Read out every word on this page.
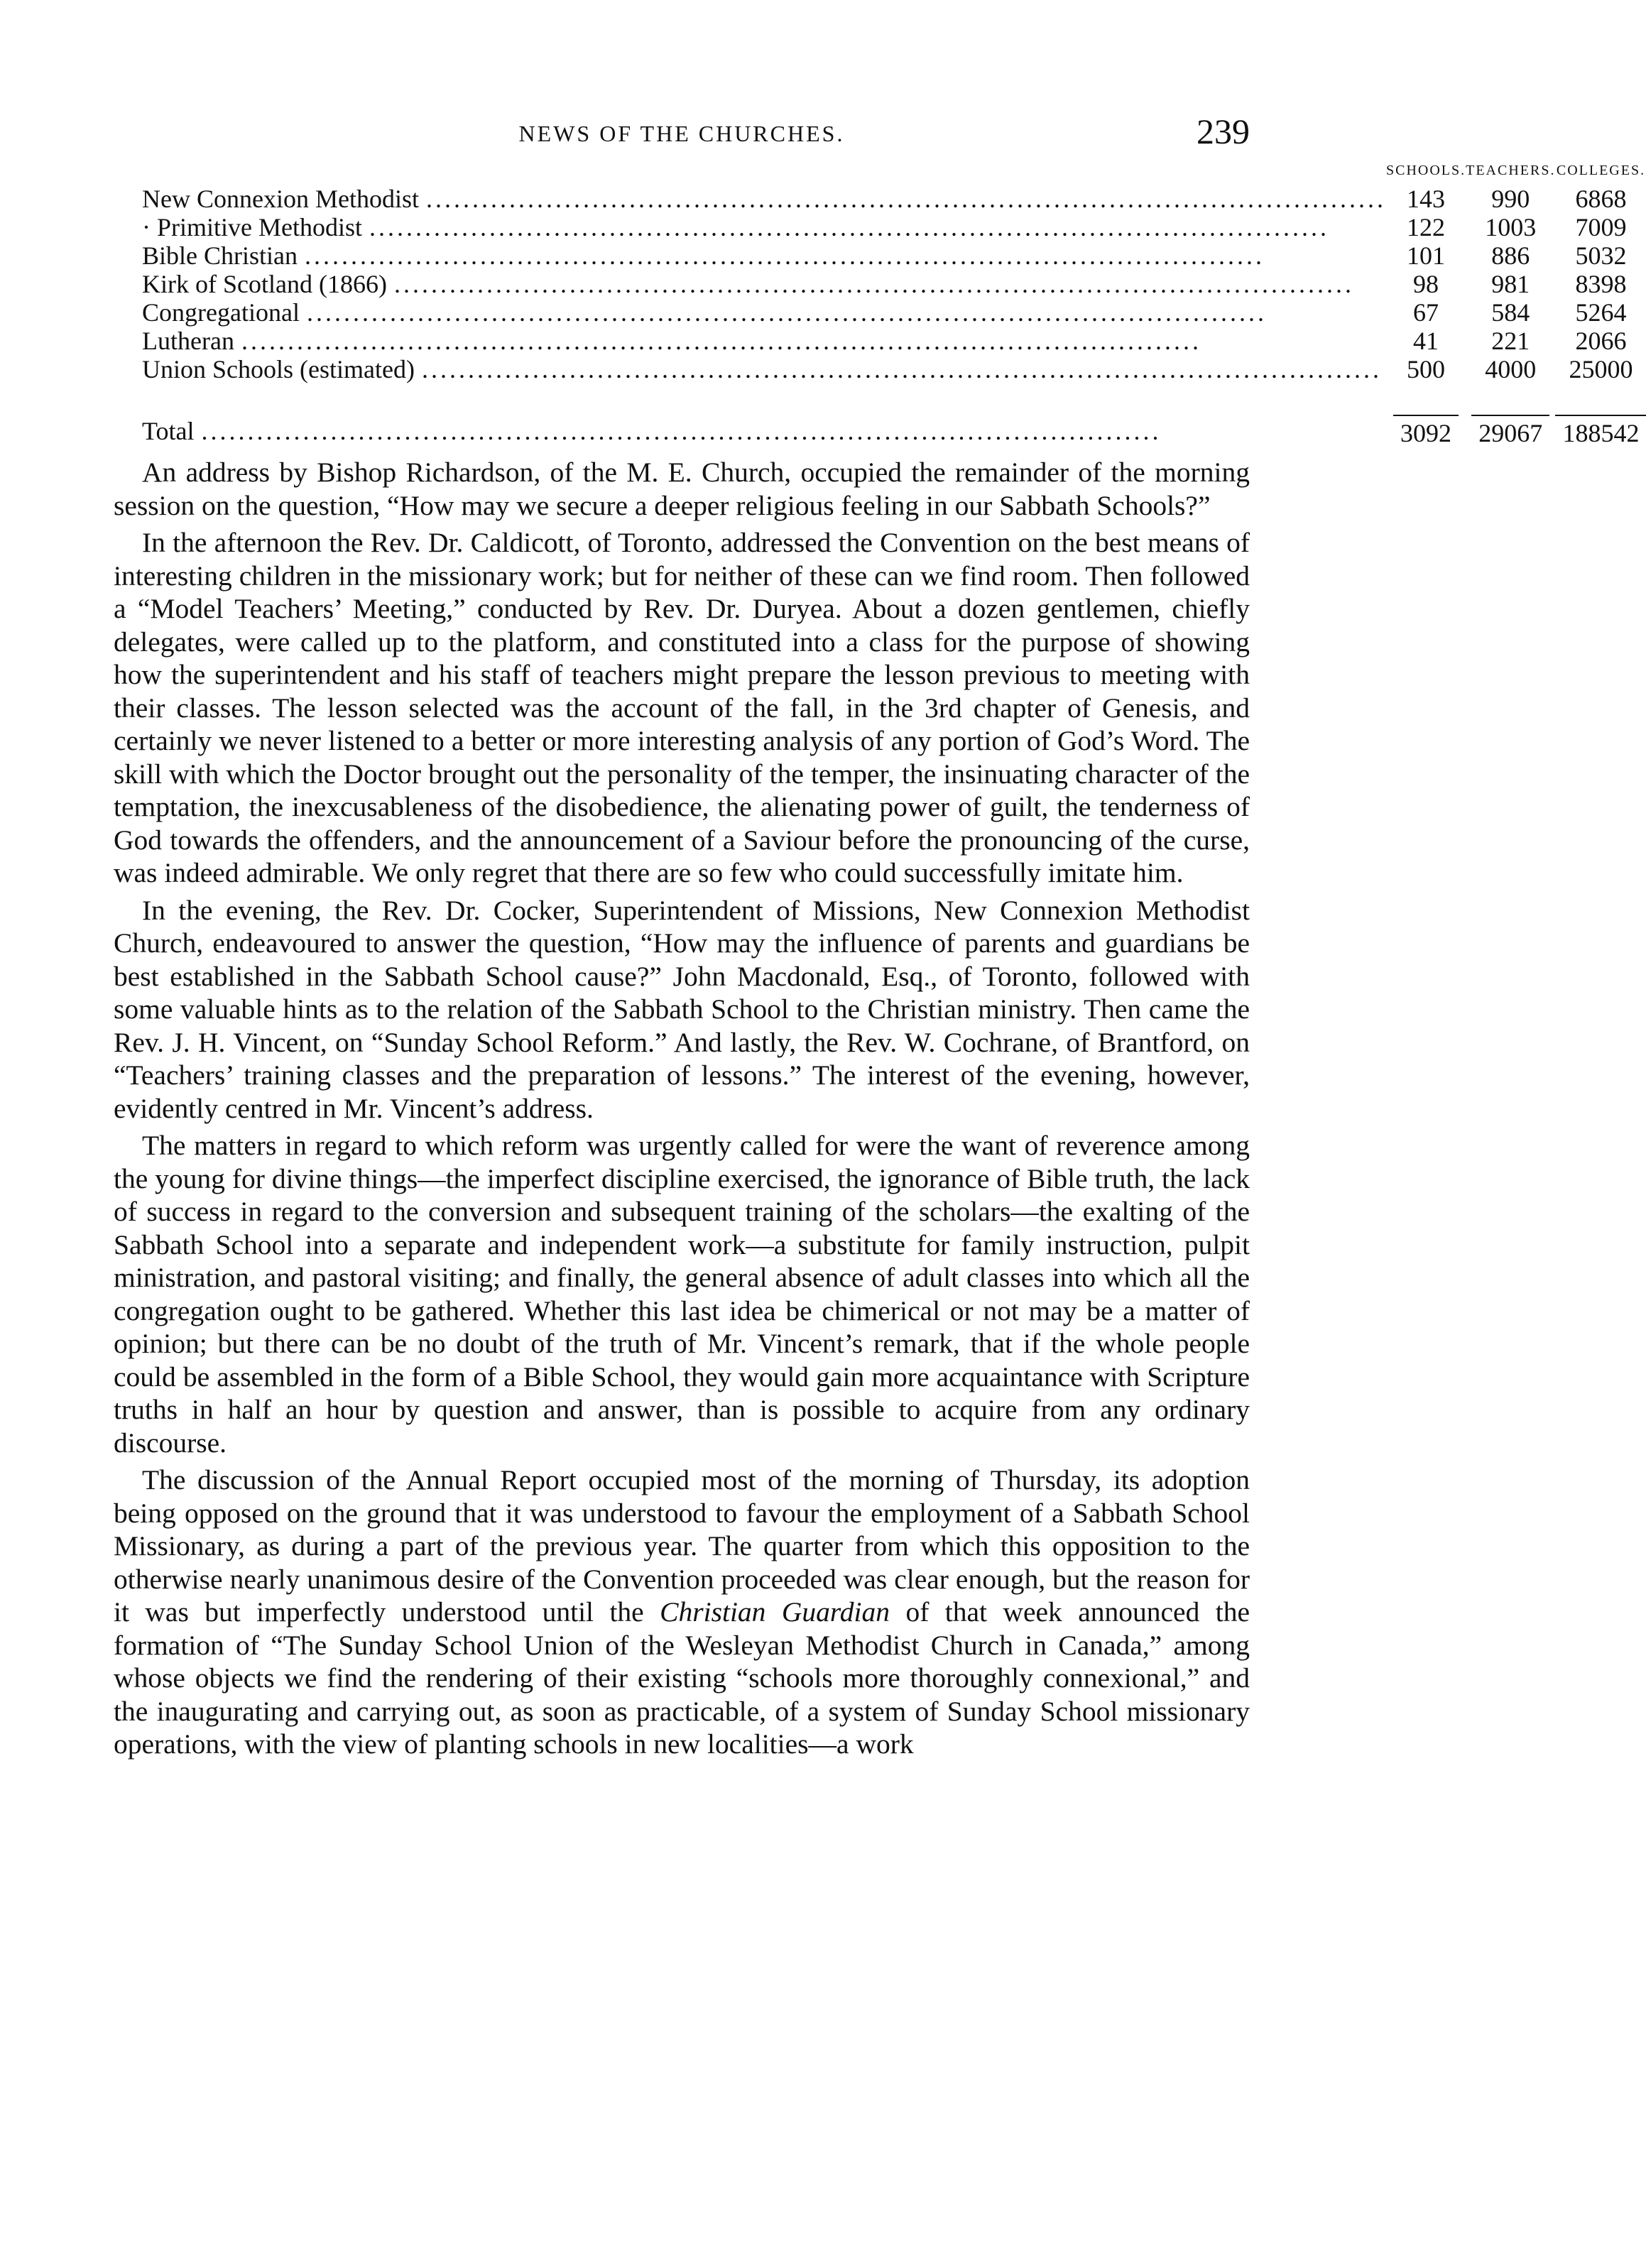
NEWS OF THE CHURCHES.	239
	SCHOOLS.	TEACHERS.	COLLEGES.
New Connexion Methodist ........................................................................................................	143	990	6868
· Primitive Methodist ........................................................................................................	122	1003	7009
Bible Christian ........................................................................................................	101	886	5032
Kirk of Scotland (1866) ........................................................................................................	98	981	8398
Congregational ........................................................................................................	67	584	5264
Lutheran ........................................................................................................	41	221	2066
Union Schools (estimated) ........................................................................................................	500	4000	25000
Total ........................................................................................................	3092	29067	188542

An address by Bishop Richardson, of the M. E. Church, occupied the remainder of the morning session on the question, “How may we secure a deeper religious feeling in our Sabbath Schools?”

In the afternoon the Rev. Dr. Caldicott, of Toronto, addressed the Convention on the best means of interesting children in the missionary work; but for neither of these can we find room. Then followed a “Model Teachers’ Meeting,” conducted by Rev. Dr. Duryea. About a dozen gentlemen, chiefly delegates, were called up to the platform, and constituted into a class for the purpose of showing how the superintendent and his staff of teachers might prepare the lesson previous to meeting with their classes. The lesson selected was the account of the fall, in the 3rd chapter of Genesis, and certainly we never listened to a better or more interesting analysis of any portion of God’s Word. The skill with which the Doctor brought out the personality of the temper, the insinuating character of the temptation, the inexcusableness of the disobedience, the alienating power of guilt, the tenderness of God towards the offenders, and the announcement of a Saviour before the pronouncing of the curse, was indeed admirable. We only regret that there are so few who could successfully imitate him.

In the evening, the Rev. Dr. Cocker, Superintendent of Missions, New Connexion Methodist Church, endeavoured to answer the question, “How may the influence of parents and guardians be best established in the Sabbath School cause?” John Macdonald, Esq., of Toronto, followed with some valuable hints as to the relation of the Sabbath School to the Christian ministry. Then came the Rev. J. H. Vincent, on “Sunday School Reform.” And lastly, the Rev. W. Cochrane, of Brantford, on “Teachers’ training classes and the preparation of lessons.” The interest of the evening, however, evidently centred in Mr. Vincent’s address.

The matters in regard to which reform was urgently called for were the want of reverence among the young for divine things—the imperfect discipline exercised, the ignorance of Bible truth, the lack of success in regard to the conversion and subsequent training of the scholars—the exalting of the Sabbath School into a separate and independent work—a substitute for family instruction, pulpit ministration, and pastoral visiting; and finally, the general absence of adult classes into which all the congregation ought to be gathered. Whether this last idea be chimerical or not may be a matter of opinion; but there can be no doubt of the truth of Mr. Vincent’s remark, that if the whole people could be assembled in the form of a Bible School, they would gain more acquaintance with Scripture truths in half an hour by question and answer, than is possible to acquire from any ordinary discourse.

The discussion of the Annual Report occupied most of the morning of Thursday, its adoption being opposed on the ground that it was understood to favour the employment of a Sabbath School Missionary, as during a part of the previous year. The quarter from which this opposition to the otherwise nearly unanimous desire of the Convention proceeded was clear enough, but the reason for it was but imperfectly understood until the Christian Guardian of that week announced the formation of “The Sunday School Union of the Wesleyan Methodist Church in Canada,” among whose objects we find the rendering of their existing “schools more thoroughly connexional,” and the inaugurating and carrying out, as soon as practicable, of a system of Sunday School missionary operations, with the view of planting schools in new localities—a work
